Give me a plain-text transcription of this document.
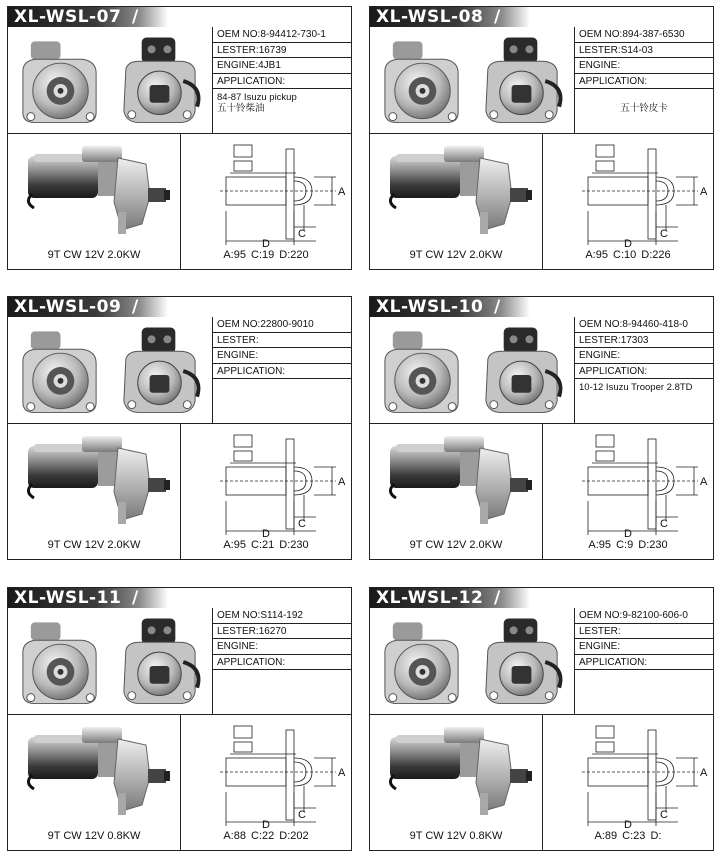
XL-WSL-07 /
OEM NO:8-94412-730-1
LESTER:16739
ENGINE:4JB1
APPLICATION:
84-87 Isuzu pickup
五十铃柴油
9T CW 12V 2.0KW
A
C
D
A:95 C:19 D:220
XL-WSL-08 /
OEM NO:894-387-6530
LESTER:S14-03
ENGINE:
APPLICATION:
五十铃皮卡
9T CW 12V 2.0KW
A
C
D
A:95 C:10 D:226
XL-WSL-09 /
OEM NO:22800-9010
LESTER:
ENGINE:
APPLICATION:
9T CW 12V 2.0KW
A
C
D
A:95 C:21 D:230
XL-WSL-10 /
OEM NO:8-94460-418-0
LESTER:17303
ENGINE:
APPLICATION:
10-12 Isuzu Trooper 2.8TD
9T CW 12V 2.0KW
A
C
D
A:95 C:9 D:230
XL-WSL-11 /
OEM NO:S114-192
LESTER:16270
ENGINE:
APPLICATION:
9T CW 12V 0.8KW
A
C
D
A:88 C:22 D:202
XL-WSL-12 /
OEM NO:9-82100-606-0
LESTER:
ENGINE:
APPLICATION:
9T CW 12V 0.8KW
A
C
D
A:89 C:23 D:
